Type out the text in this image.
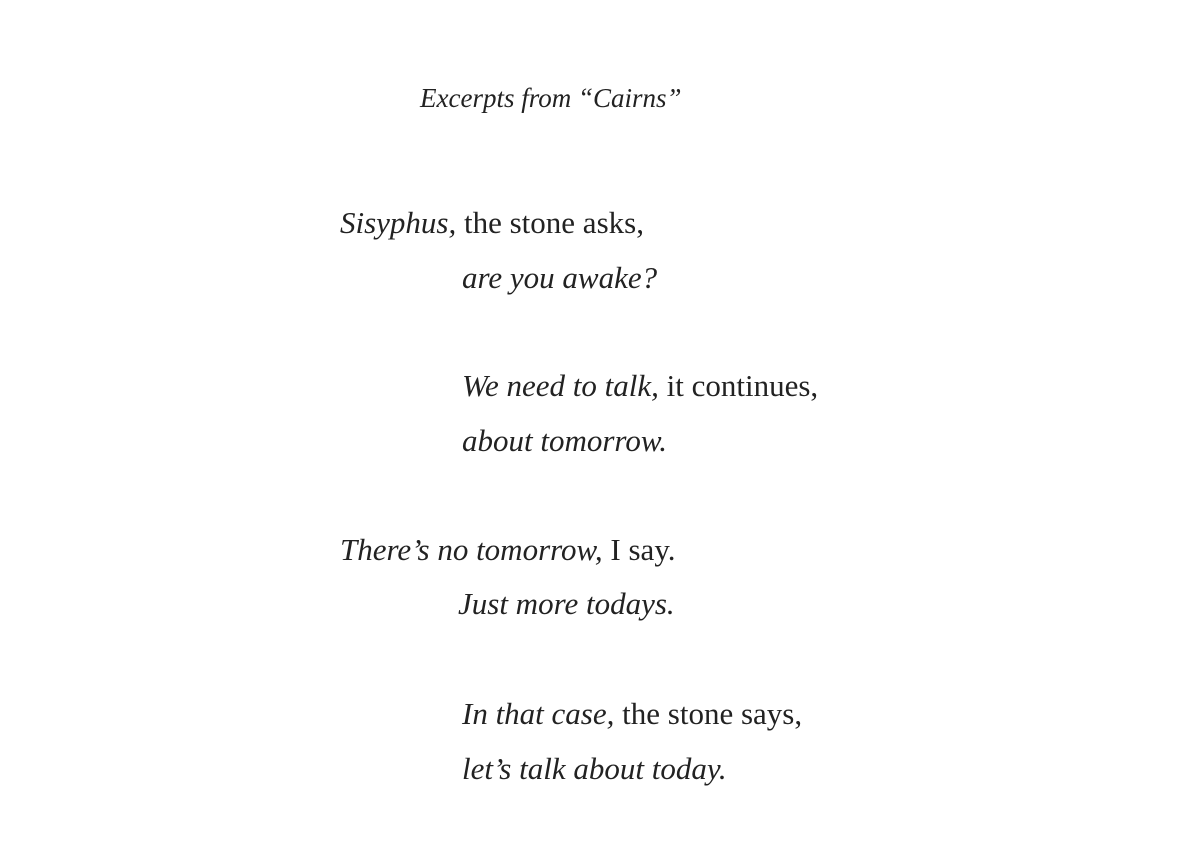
Excerpts from “Cairns”
Sisyphus, the stone asks,
are you awake?
We need to talk, it continues,
about tomorrow.
There’s no tomorrow, I say.
Just more todays.
In that case, the stone says,
let’s talk about today.
